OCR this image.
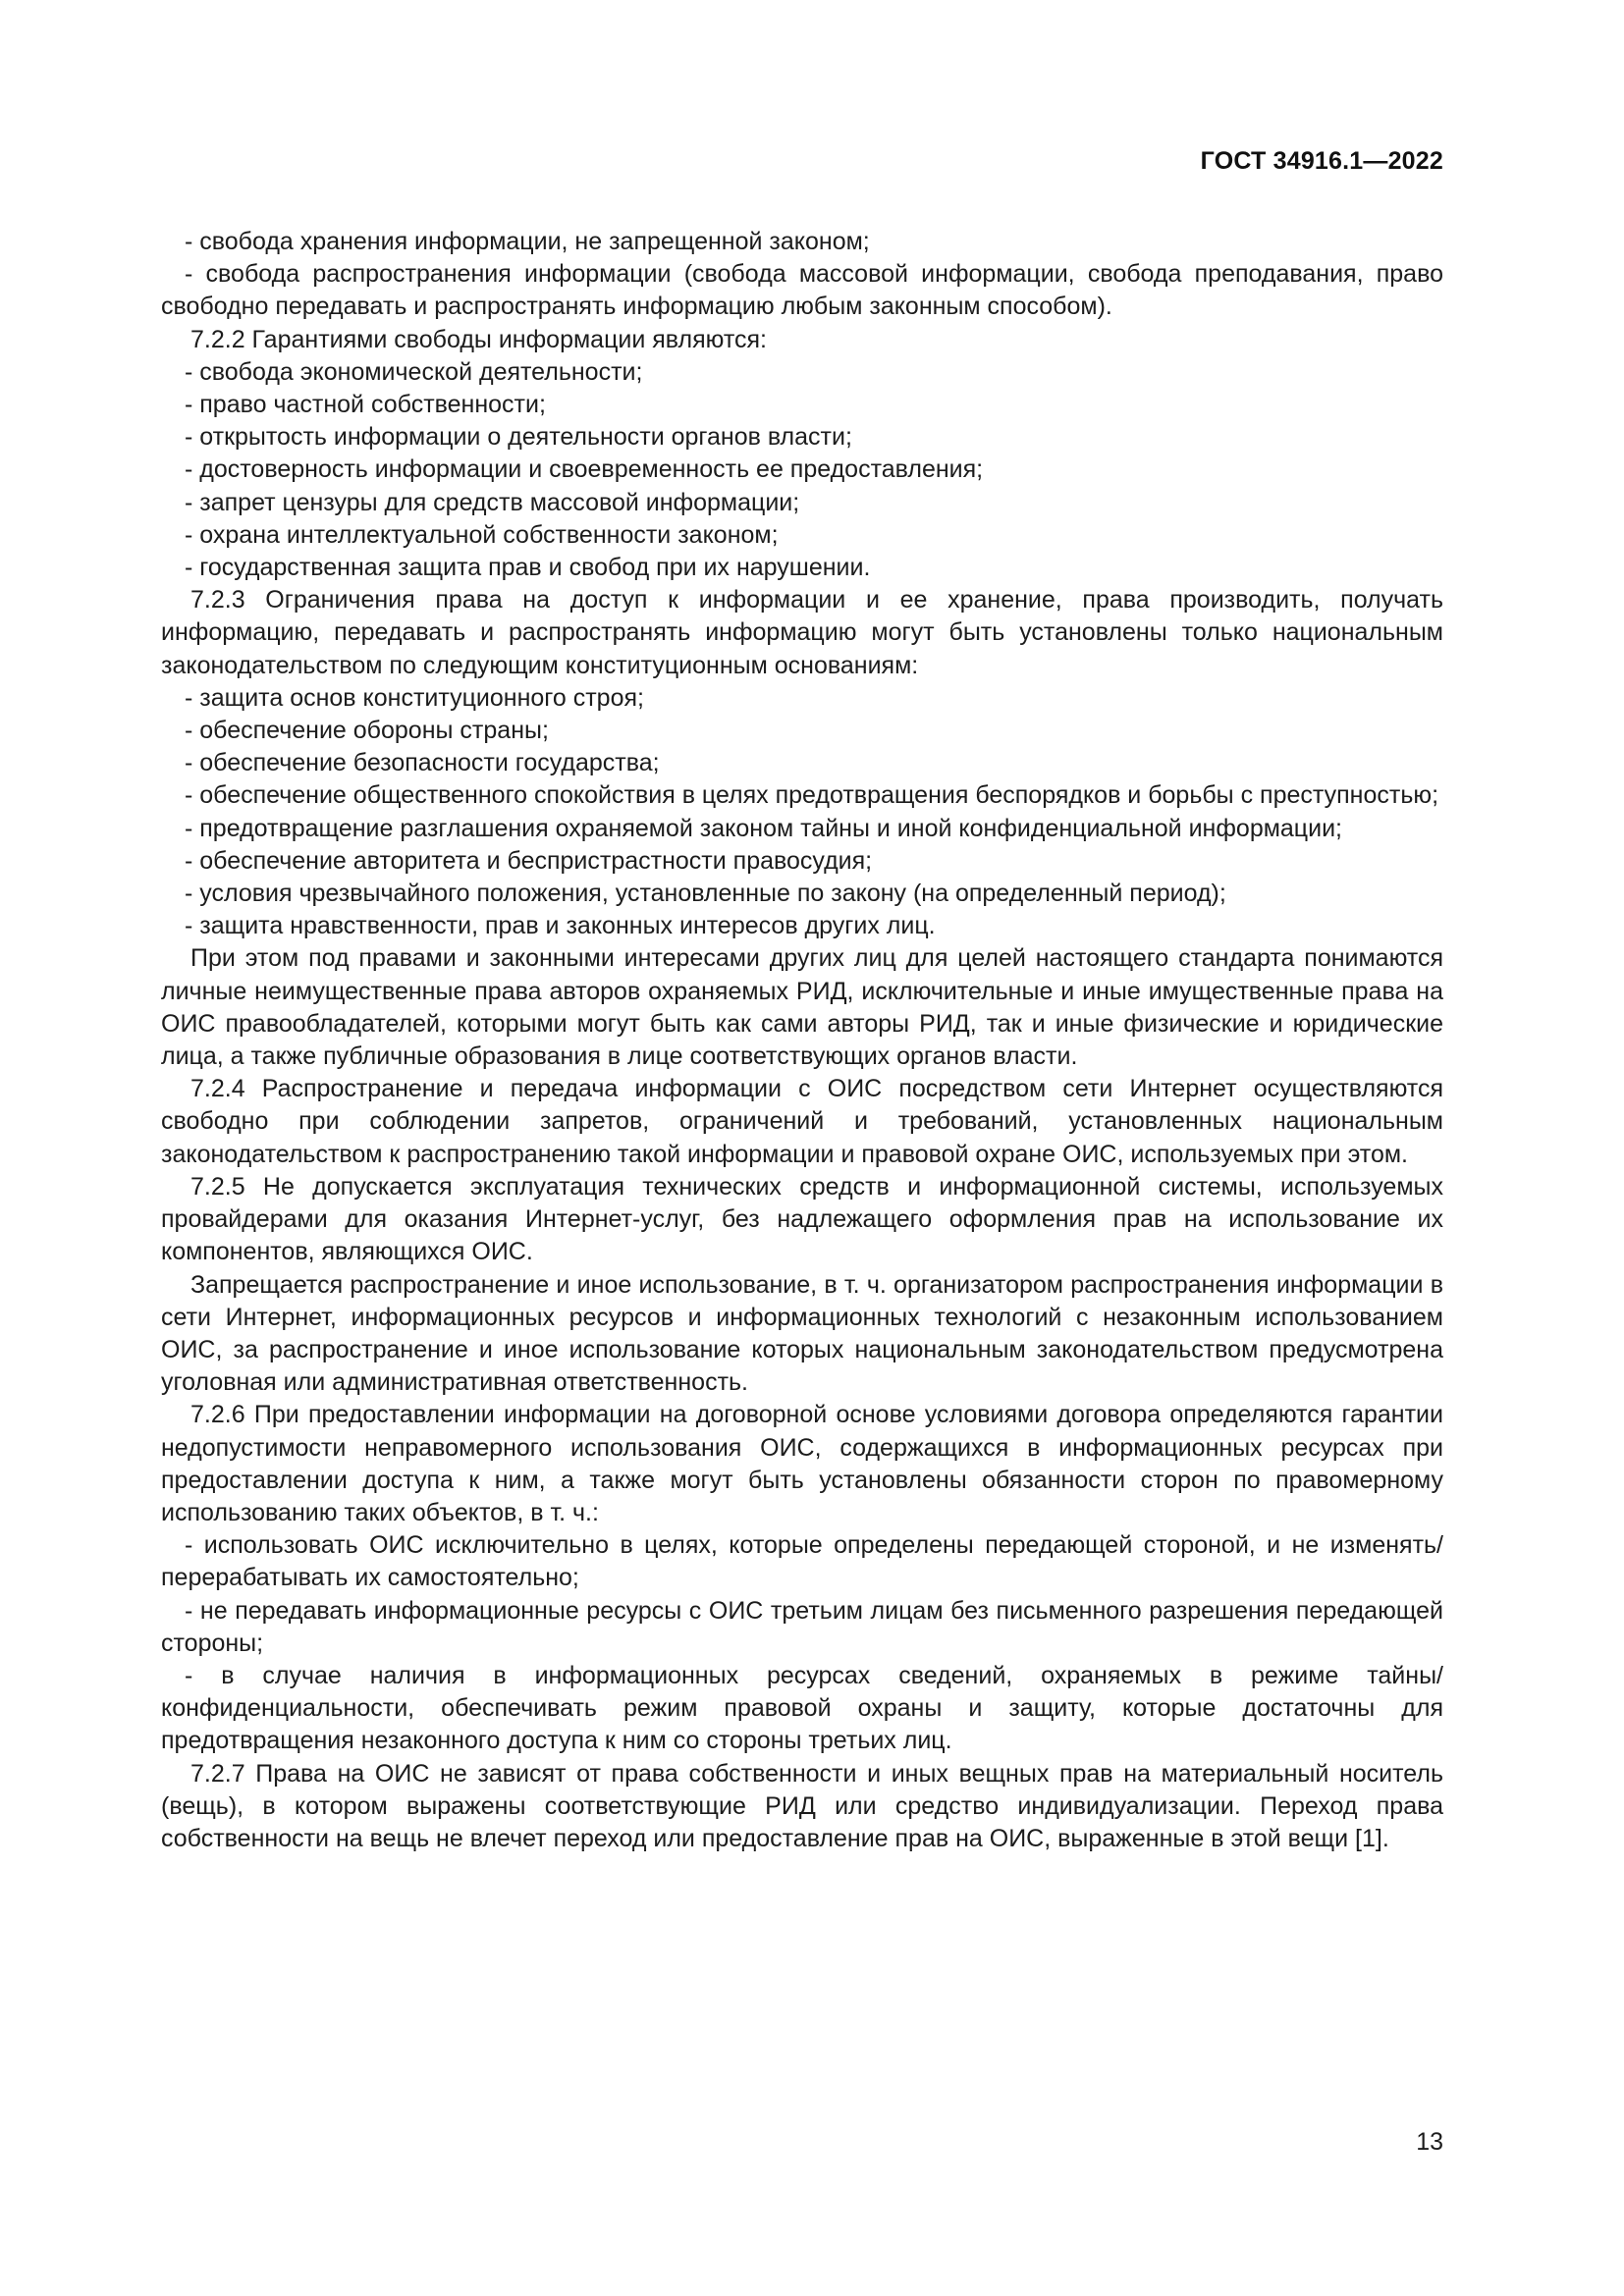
ГОСТ 34916.1—2022

- свобода хранения информации, не запрещенной законом;

- свобода распространения информации (свобода массовой информации, свобода преподавания, право свободно передавать и распространять информацию любым законным способом).

7.2.2 Гарантиями свободы информации являются:

- свобода экономической деятельности;

- право частной собственности;

- открытость информации о деятельности органов власти;

- достоверность информации и своевременность ее предоставления;

- запрет цензуры для средств массовой информации;

- охрана интеллектуальной собственности законом;

- государственная защита прав и свобод при их нарушении.

7.2.3 Ограничения права на доступ к информации и ее хранение, права производить, получать информацию, передавать и распространять информацию могут быть установлены только национальным законодательством по следующим конституционным основаниям:

- защита основ конституционного строя;

- обеспечение обороны страны;

- обеспечение безопасности государства;

- обеспечение общественного спокойствия в целях предотвращения беспорядков и борьбы с преступностью;

- предотвращение разглашения охраняемой законом тайны и иной конфиденциальной информации;

- обеспечение авторитета и беспристрастности правосудия;

- условия чрезвычайного положения, установленные по закону (на определенный период);

- защита нравственности, прав и законных интересов других лиц.

При этом под правами и законными интересами других лиц для целей настоящего стандарта понимаются личные неимущественные права авторов охраняемых РИД, исключительные и иные имущественные права на ОИС правообладателей, которыми могут быть как сами авторы РИД, так и иные физические и юридические лица, а также публичные образования в лице соответствующих органов власти.

7.2.4 Распространение и передача информации с ОИС посредством сети Интернет осуществляются свободно при соблюдении запретов, ограничений и требований, установленных национальным законодательством к распространению такой информации и правовой охране ОИС, используемых при этом.

7.2.5 Не допускается эксплуатация технических средств и информационной системы, используемых провайдерами для оказания Интернет-услуг, без надлежащего оформления прав на использование их компонентов, являющихся ОИС.

Запрещается распространение и иное использование, в т. ч. организатором распространения информации в сети Интернет, информационных ресурсов и информационных технологий с незаконным использованием ОИС, за распространение и иное использование которых национальным законодательством предусмотрена уголовная или административная ответственность.

7.2.6 При предоставлении информации на договорной основе условиями договора определяются гарантии недопустимости неправомерного использования ОИС, содержащихся в информационных ресурсах при предоставлении доступа к ним, а также могут быть установлены обязанности сторон по правомерному использованию таких объектов, в т. ч.:

- использовать ОИС исключительно в целях, которые определены передающей стороной, и не изменять/перерабатывать их самостоятельно;

- не передавать информационные ресурсы с ОИС третьим лицам без письменного разрешения передающей стороны;

- в случае наличия в информационных ресурсах сведений, охраняемых в режиме тайны/конфиденциальности, обеспечивать режим правовой охраны и защиту, которые достаточны для предотвращения незаконного доступа к ним со стороны третьих лиц.

7.2.7 Права на ОИС не зависят от права собственности и иных вещных прав на материальный носитель (вещь), в котором выражены соответствующие РИД или средство индивидуализации. Переход права собственности на вещь не влечет переход или предоставление прав на ОИС, выраженные в этой вещи [1].

13
